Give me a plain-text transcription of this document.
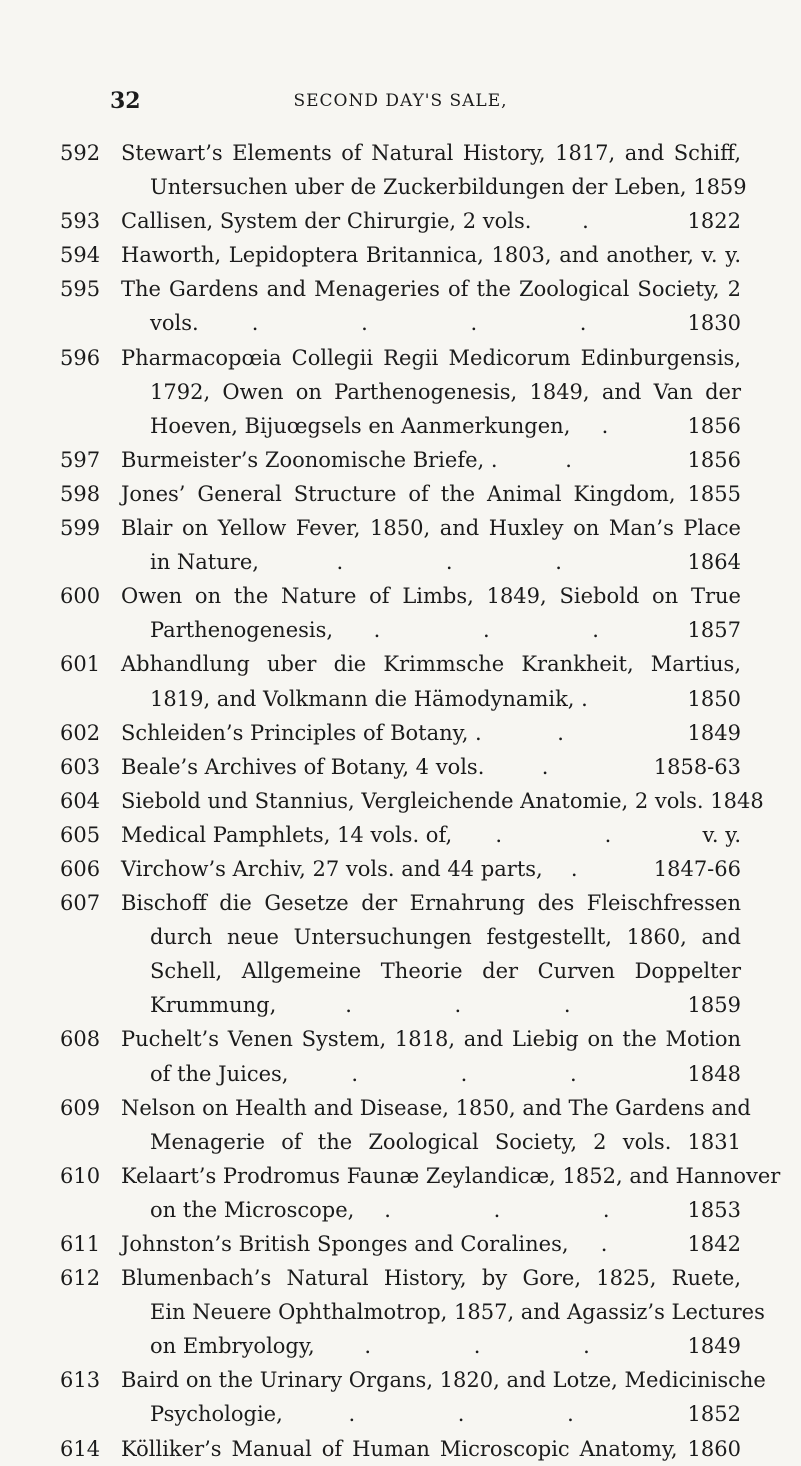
32	SECOND DAY'S SALE,
592 Stewart’s Elements of Natural History, 1817, and Schiff,
Untersuchen uber de Zuckerbildungen der Leben, 1859
593 Callisen, System der Chirurgie, 2 vols.	.	1822
594 Haworth, Lepidoptera Britannica, 1803, and another, v. y.
595 The Gardens and Menageries of the Zoological Society, 2
vols.	. . . .	1830
596 Pharmacopœia Collegii Regii Medicorum Edinburgensis,
1792, Owen on Parthenogenesis, 1849, and Van der
Hoeven, Bijuœgsels en Aanmerkungen,	.	1856
597 Burmeister’s Zoonomische Briefe, .	.	1856
598 Jones’ General Structure of the Animal Kingdom, 1855
599 Blair on Yellow Fever, 1850, and Huxley on Man’s Place
in Nature,	. . .	1864
600 Owen on the Nature of Limbs, 1849, Siebold on True
Parthenogenesis,	. . .	1857
601 Abhandlung uber die Krimmsche Krankheit, Martius,
1819, and Volkmann die Hämodynamik, .	1850
602 Schleiden’s Principles of Botany, .	.	1849
603 Beale’s Archives of Botany, 4 vols.	.	1858-63
604 Siebold und Stannius, Vergleichende Anatomie, 2 vols. 1848
605 Medical Pamphlets, 14 vols. of,	. .	v. y.
606 Virchow’s Archiv, 27 vols. and 44 parts,	.	1847-66
607 Bischoff die Gesetze der Ernahrung des Fleischfressen
durch neue Untersuchungen festgestellt, 1860, and
Schell, Allgemeine Theorie der Curven Doppelter
Krummung,	. . .	1859
608 Puchelt’s Venen System, 1818, and Liebig on the Motion
of the Juices,	. . .	1848
609 Nelson on Health and Disease, 1850, and The Gardens and
Menagerie of the Zoological Society, 2 vols. 1831
610 Kelaart’s Prodromus Faunæ Zeylandicæ, 1852, and Hannover
on the Microscope,	. . .	1853
611 Johnston’s British Sponges and Coralines,	.	1842
612 Blumenbach’s Natural History, by Gore, 1825, Ruete,
Ein Neuere Ophthalmotrop, 1857, and Agassiz’s Lectures
on Embryology,	. . .	1849
613 Baird on the Urinary Organs, 1820, and Lotze, Medicinische
Psychologie,	. . .	1852
614 Kölliker’s Manual of Human Microscopic Anatomy, 1860
